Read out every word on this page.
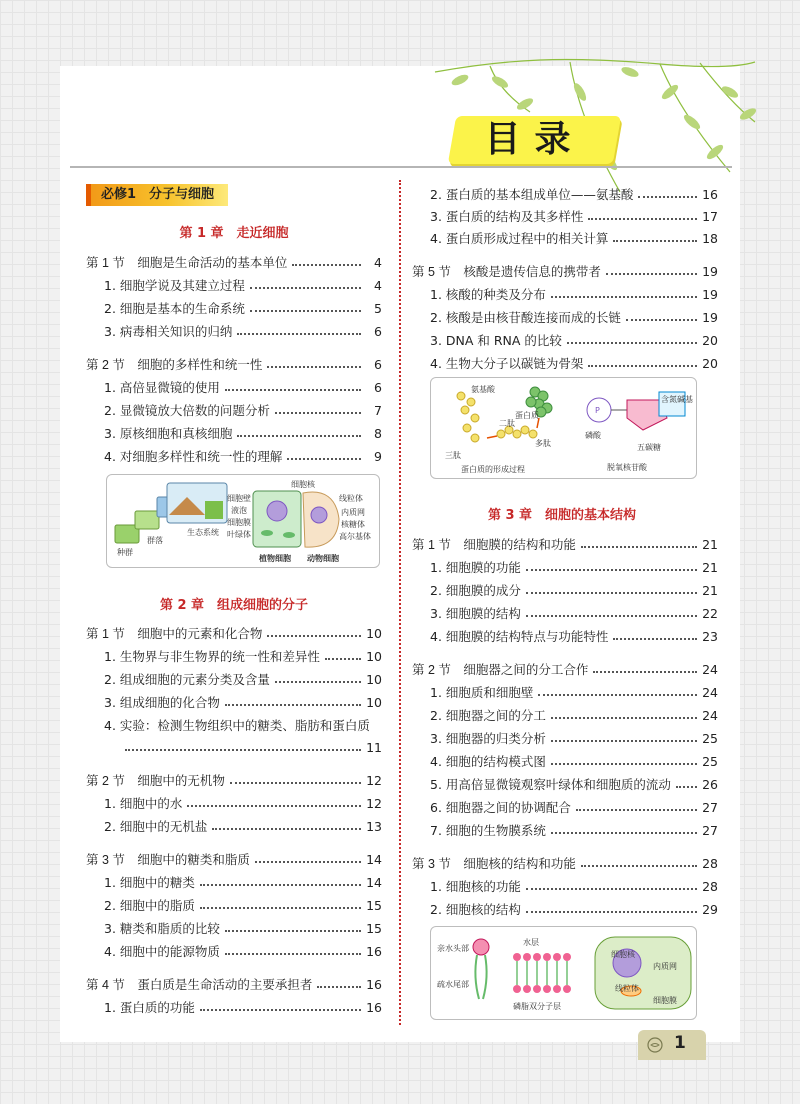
目录
必修1　分子与细胞
第 1 章　走近细胞
第 2 章　组成细胞的分子
第 3 章　细胞的基本结构
第 1 节　细胞是生命活动的基本单位	4
1. 细胞学说及其建立过程	4
2. 细胞是基本的生命系统	5
3. 病毒相关知识的归纳	6
第 2 节　细胞的多样性和统一性	6
1. 高倍显微镜的使用	6
2. 显微镜放大倍数的问题分析	7
3. 原核细胞和真核细胞	8
4. 对细胞多样性和统一性的理解	9
第 1 节　细胞中的元素和化合物	10
1. 生物界与非生物界的统一性和差异性	10
2. 组成细胞的元素分类及含量	10
3. 组成细胞的化合物	10
4. 实验：检测生物组织中的糖类、脂肪和蛋白质
11
第 2 节　细胞中的无机物	12
1. 细胞中的水	12
2. 细胞中的无机盐	13
第 3 节　细胞中的糖类和脂质	14
1. 细胞中的糖类	14
2. 细胞中的脂质	15
3. 糖类和脂质的比较	15
4. 细胞中的能源物质	16
第 4 节　蛋白质是生命活动的主要承担者	16
1. 蛋白质的功能	16
2. 蛋白质的基本组成单位——氨基酸	16
3. 蛋白质的结构及其多样性	17
4. 蛋白质形成过程中的相关计算	18
第 5 节　核酸是遗传信息的携带者	19
1. 核酸的种类及分布	19
2. 核酸是由核苷酸连接而成的长链	19
3. DNA 和 RNA 的比较	20
4. 生物大分子以碳链为骨架	20
第 1 节　细胞膜的结构和功能	21
1. 细胞膜的功能	21
2. 细胞膜的成分	21
3. 细胞膜的结构	22
4. 细胞膜的结构特点与功能特性	23
第 2 节　细胞器之间的分工合作	24
1. 细胞质和细胞壁	24
2. 细胞器之间的分工	24
3. 细胞器的归类分析	25
4. 细胞的结构模式图	25
5. 用高倍显微镜观察叶绿体和细胞质的流动 26
6. 细胞器之间的协调配合	27
7. 细胞的生物膜系统	27
第 3 节　细胞核的结构和功能	28
1. 细胞核的功能	28
2. 细胞核的结构	29
种群
群落
生态系统
细胞壁
液泡
细胞膜
叶绿体
细胞核
线粒体
内质网
核糖体
高尔基体
植物细胞 动物细胞
氨基酸
蛋白质
二肽
多肽
三肽
蛋白质的形成过程
P
磷酸
含氮碱基
五碳糖
脱氧核苷酸
亲水头部
疏水尾部
水层
磷脂双分子层
细胞核
内质网
线粒体
细胞膜
1
